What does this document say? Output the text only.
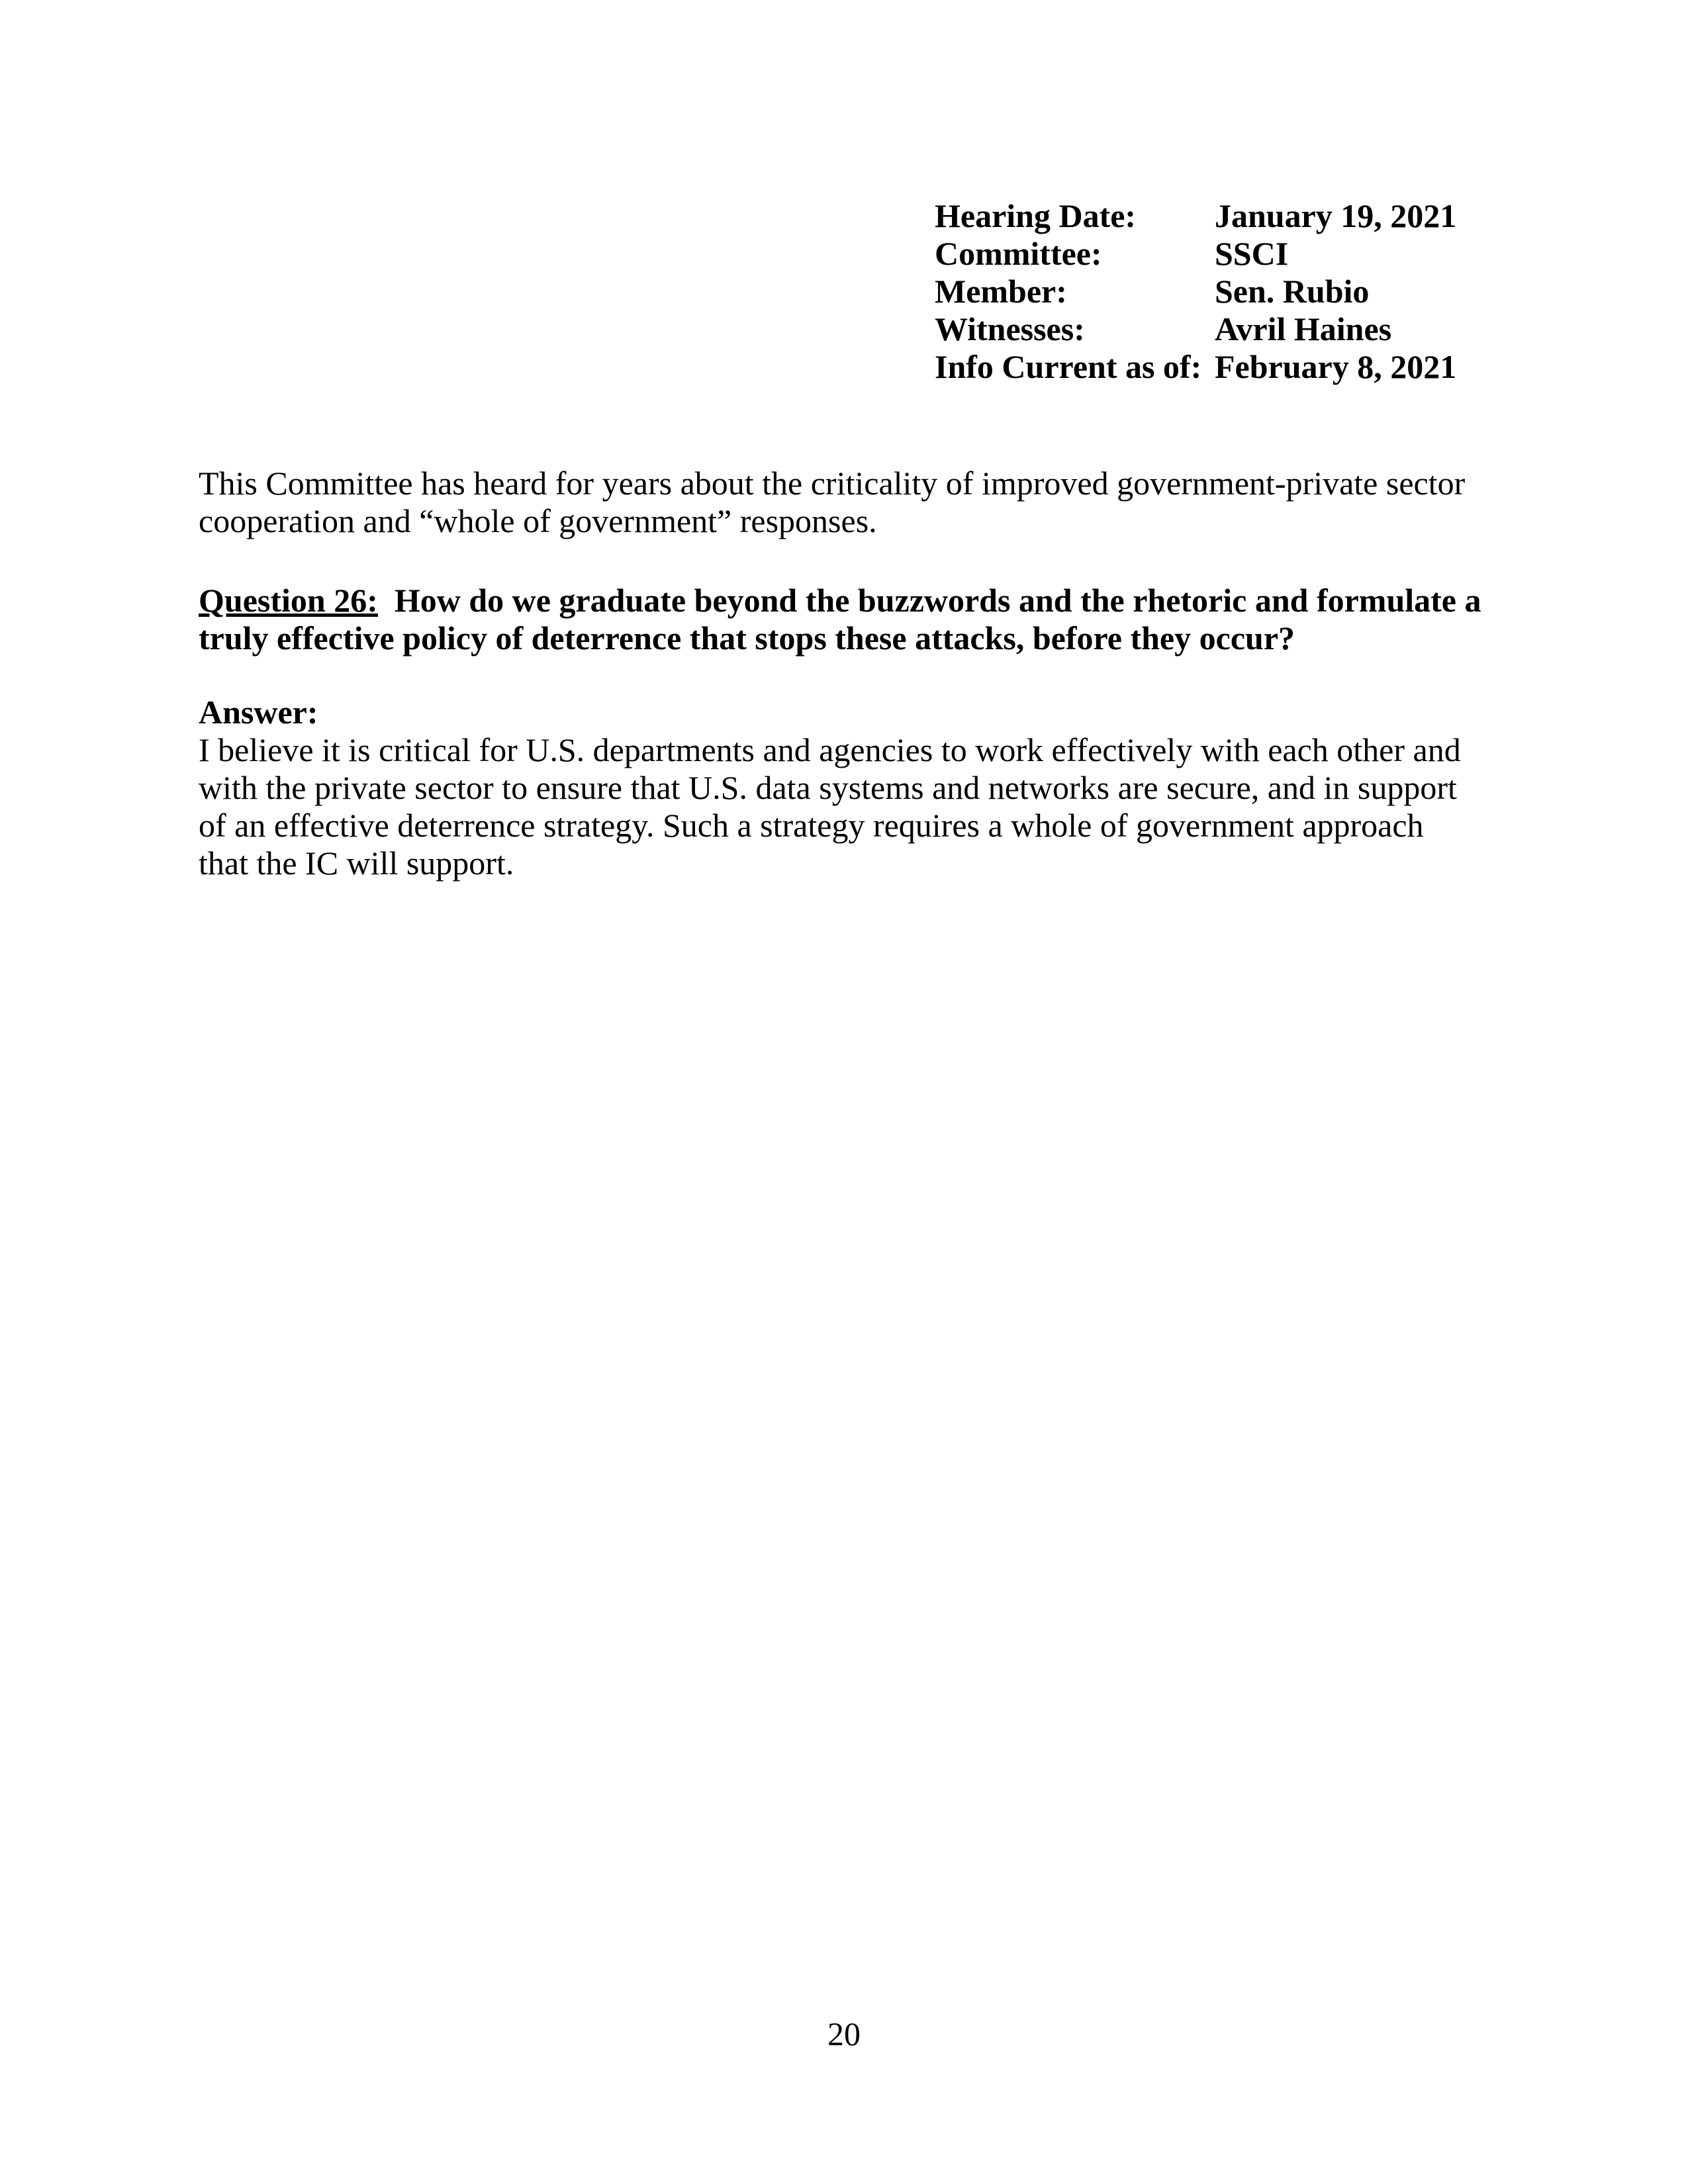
Hearing Date:	January 19, 2021
Committee:	SSCI
Member:	Sen. Rubio
Witnesses:	Avril Haines
Info Current as of: February 8, 2021
This Committee has heard for years about the criticality of improved government-private sector
cooperation and “whole of government” responses.
Question 26: How do we graduate beyond the buzzwords and the rhetoric and formulate a
truly effective policy of deterrence that stops these attacks, before they occur?
Answer:
I believe it is critical for U.S. departments and agencies to work effectively with each other and
with the private sector to ensure that U.S. data systems and networks are secure, and in support
of an effective deterrence strategy. Such a strategy requires a whole of government approach
that the IC will support.
20
